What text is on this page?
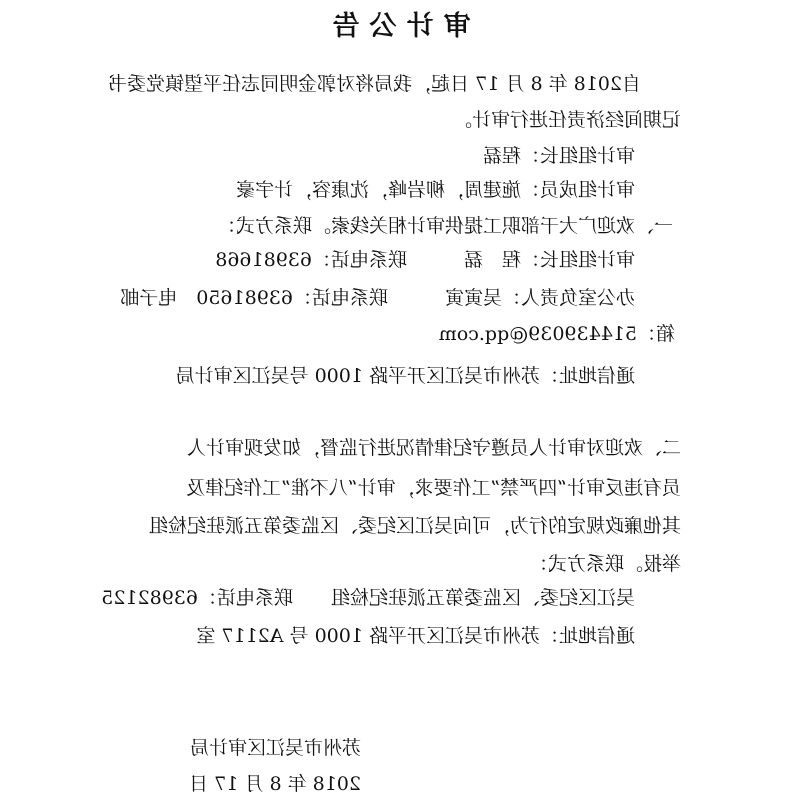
审计公告
自2018 年 8 月 17 日起，我局将对郭金明同志任平望镇党委书
记期间经济责任进行审计。
审计组组长：程磊
审计组成员：施建周，柳岩峰，沈康容，计宇豪
一、欢迎广大干部职工提供审计相关线索。联系方式：
审计组组长：程　磊　　　联系电话：63981668
办公室负责人：吴寅寅　　　联系电话：63981650　电子邮
箱：514439039@qq.com
通信地址：苏州市吴江区开平路 1000 号吴江区审计局
二、欢迎对审计人员遵守纪律情况进行监督，如发现审计人
员有违反审计“四严禁”工作要求，审计“八不准”工作纪律及
其他廉政规定的行为，可向吴江区纪委、区监委第五派驻纪检组
举报。联系方式：
吴江区纪委、区监委第五派驻纪检组　　联系电话：63982125
通信地址：苏州市吴江区开平路 1000 号 A2117 室
苏州市吴江区审计局
2018 年 8 月 17 日
